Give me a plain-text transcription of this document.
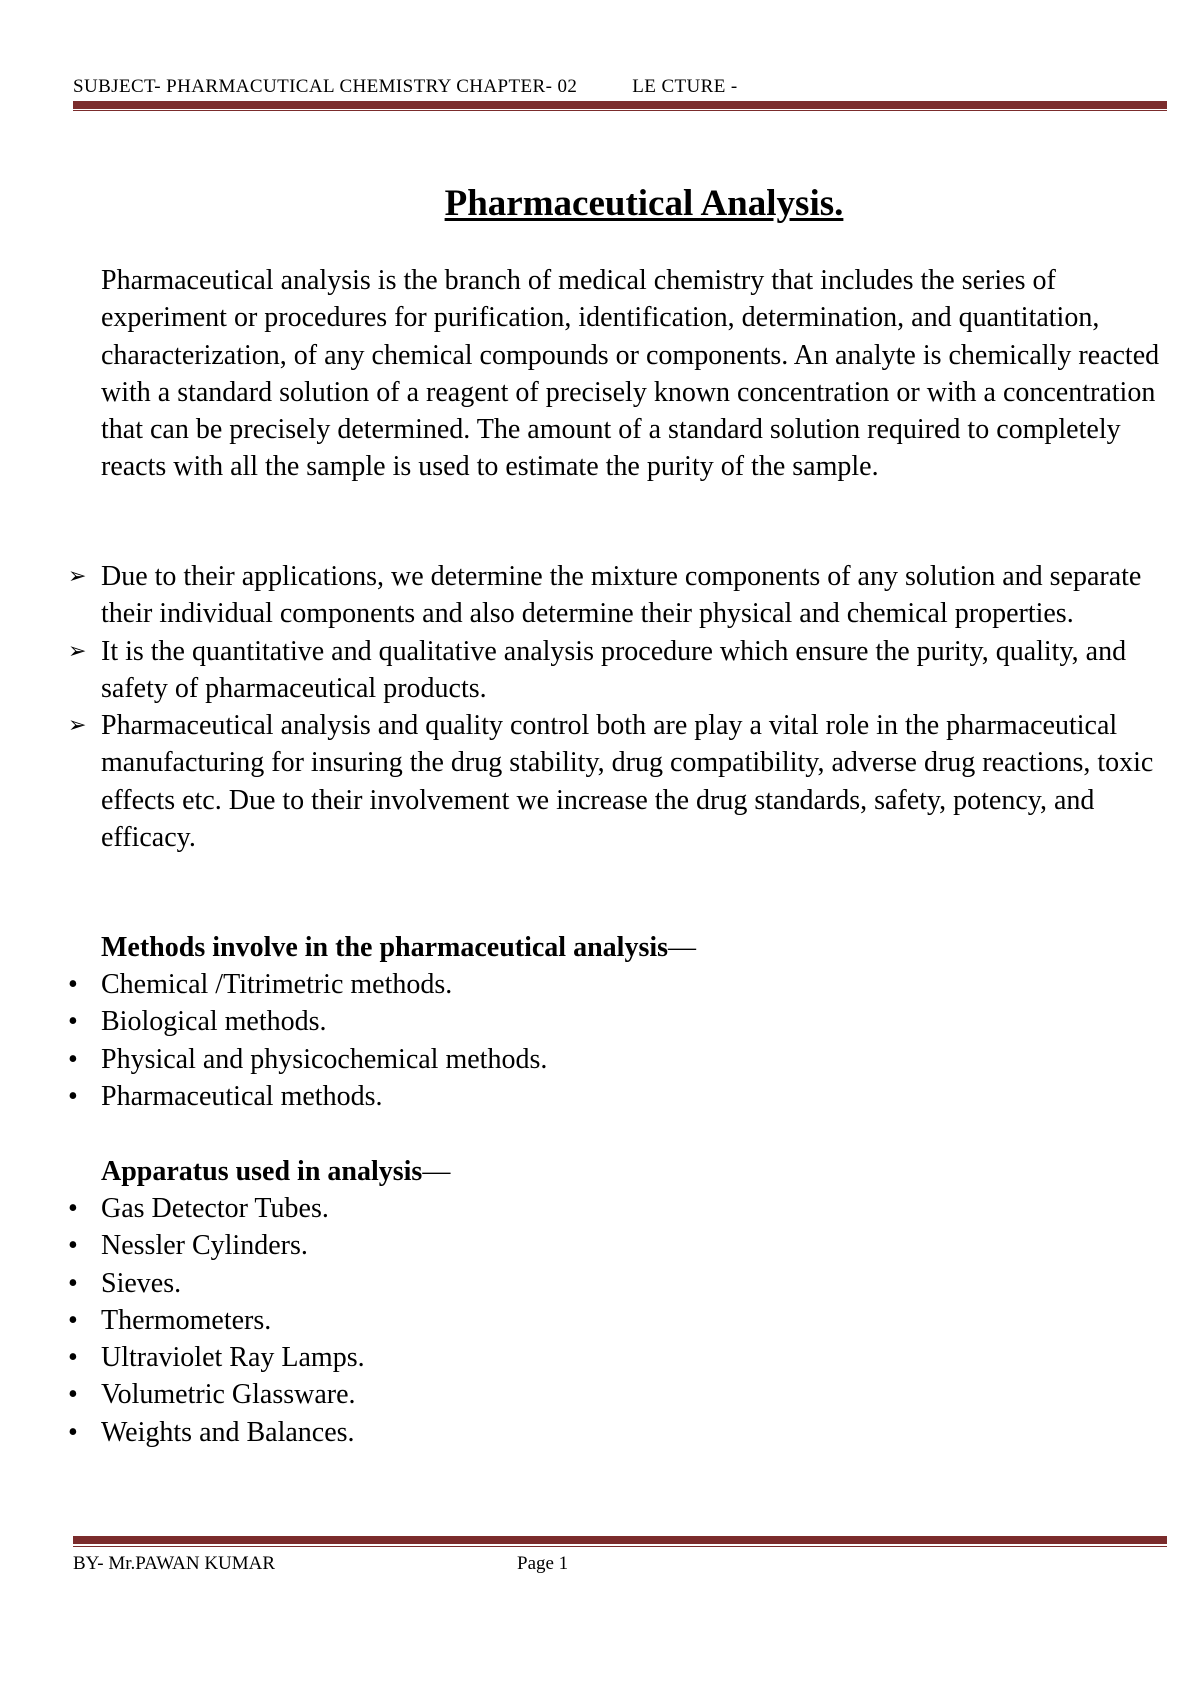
SUBJECT- PHARMACUTICAL CHEMISTRY CHAPTER- 02	LE CTURE -
Pharmaceutical Analysis.
Pharmaceutical analysis is the branch of medical chemistry that includes the series of experiment or procedures for purification, identification, determination, and quantitation, characterization, of any chemical compounds or components. An analyte is chemically reacted with a standard solution of a reagent of precisely known concentration or with a concentration that can be precisely determined. The amount of a standard solution required to completely reacts with all the sample is used to estimate the purity of the sample.
➢ Due to their applications, we determine the mixture components of any solution and separate their individual components and also determine their physical and chemical properties.
➢ It is the quantitative and qualitative analysis procedure which ensure the purity, quality, and safety of pharmaceutical products.
➢ Pharmaceutical analysis and quality control both are play a vital role in the pharmaceutical manufacturing for insuring the drug stability, drug compatibility, adverse drug reactions, toxic effects etc. Due to their involvement we increase the drug standards, safety, potency, and efficacy.
Methods involve in the pharmaceutical analysis—
• Chemical /Titrimetric methods.
• Biological methods.
• Physical and physicochemical methods.
• Pharmaceutical methods.
Apparatus used in analysis—
• Gas Detector Tubes.
• Nessler Cylinders.
• Sieves.
• Thermometers.
• Ultraviolet Ray Lamps.
• Volumetric Glassware.
• Weights and Balances.
BY- Mr.PAWAN KUMAR	Page 1
